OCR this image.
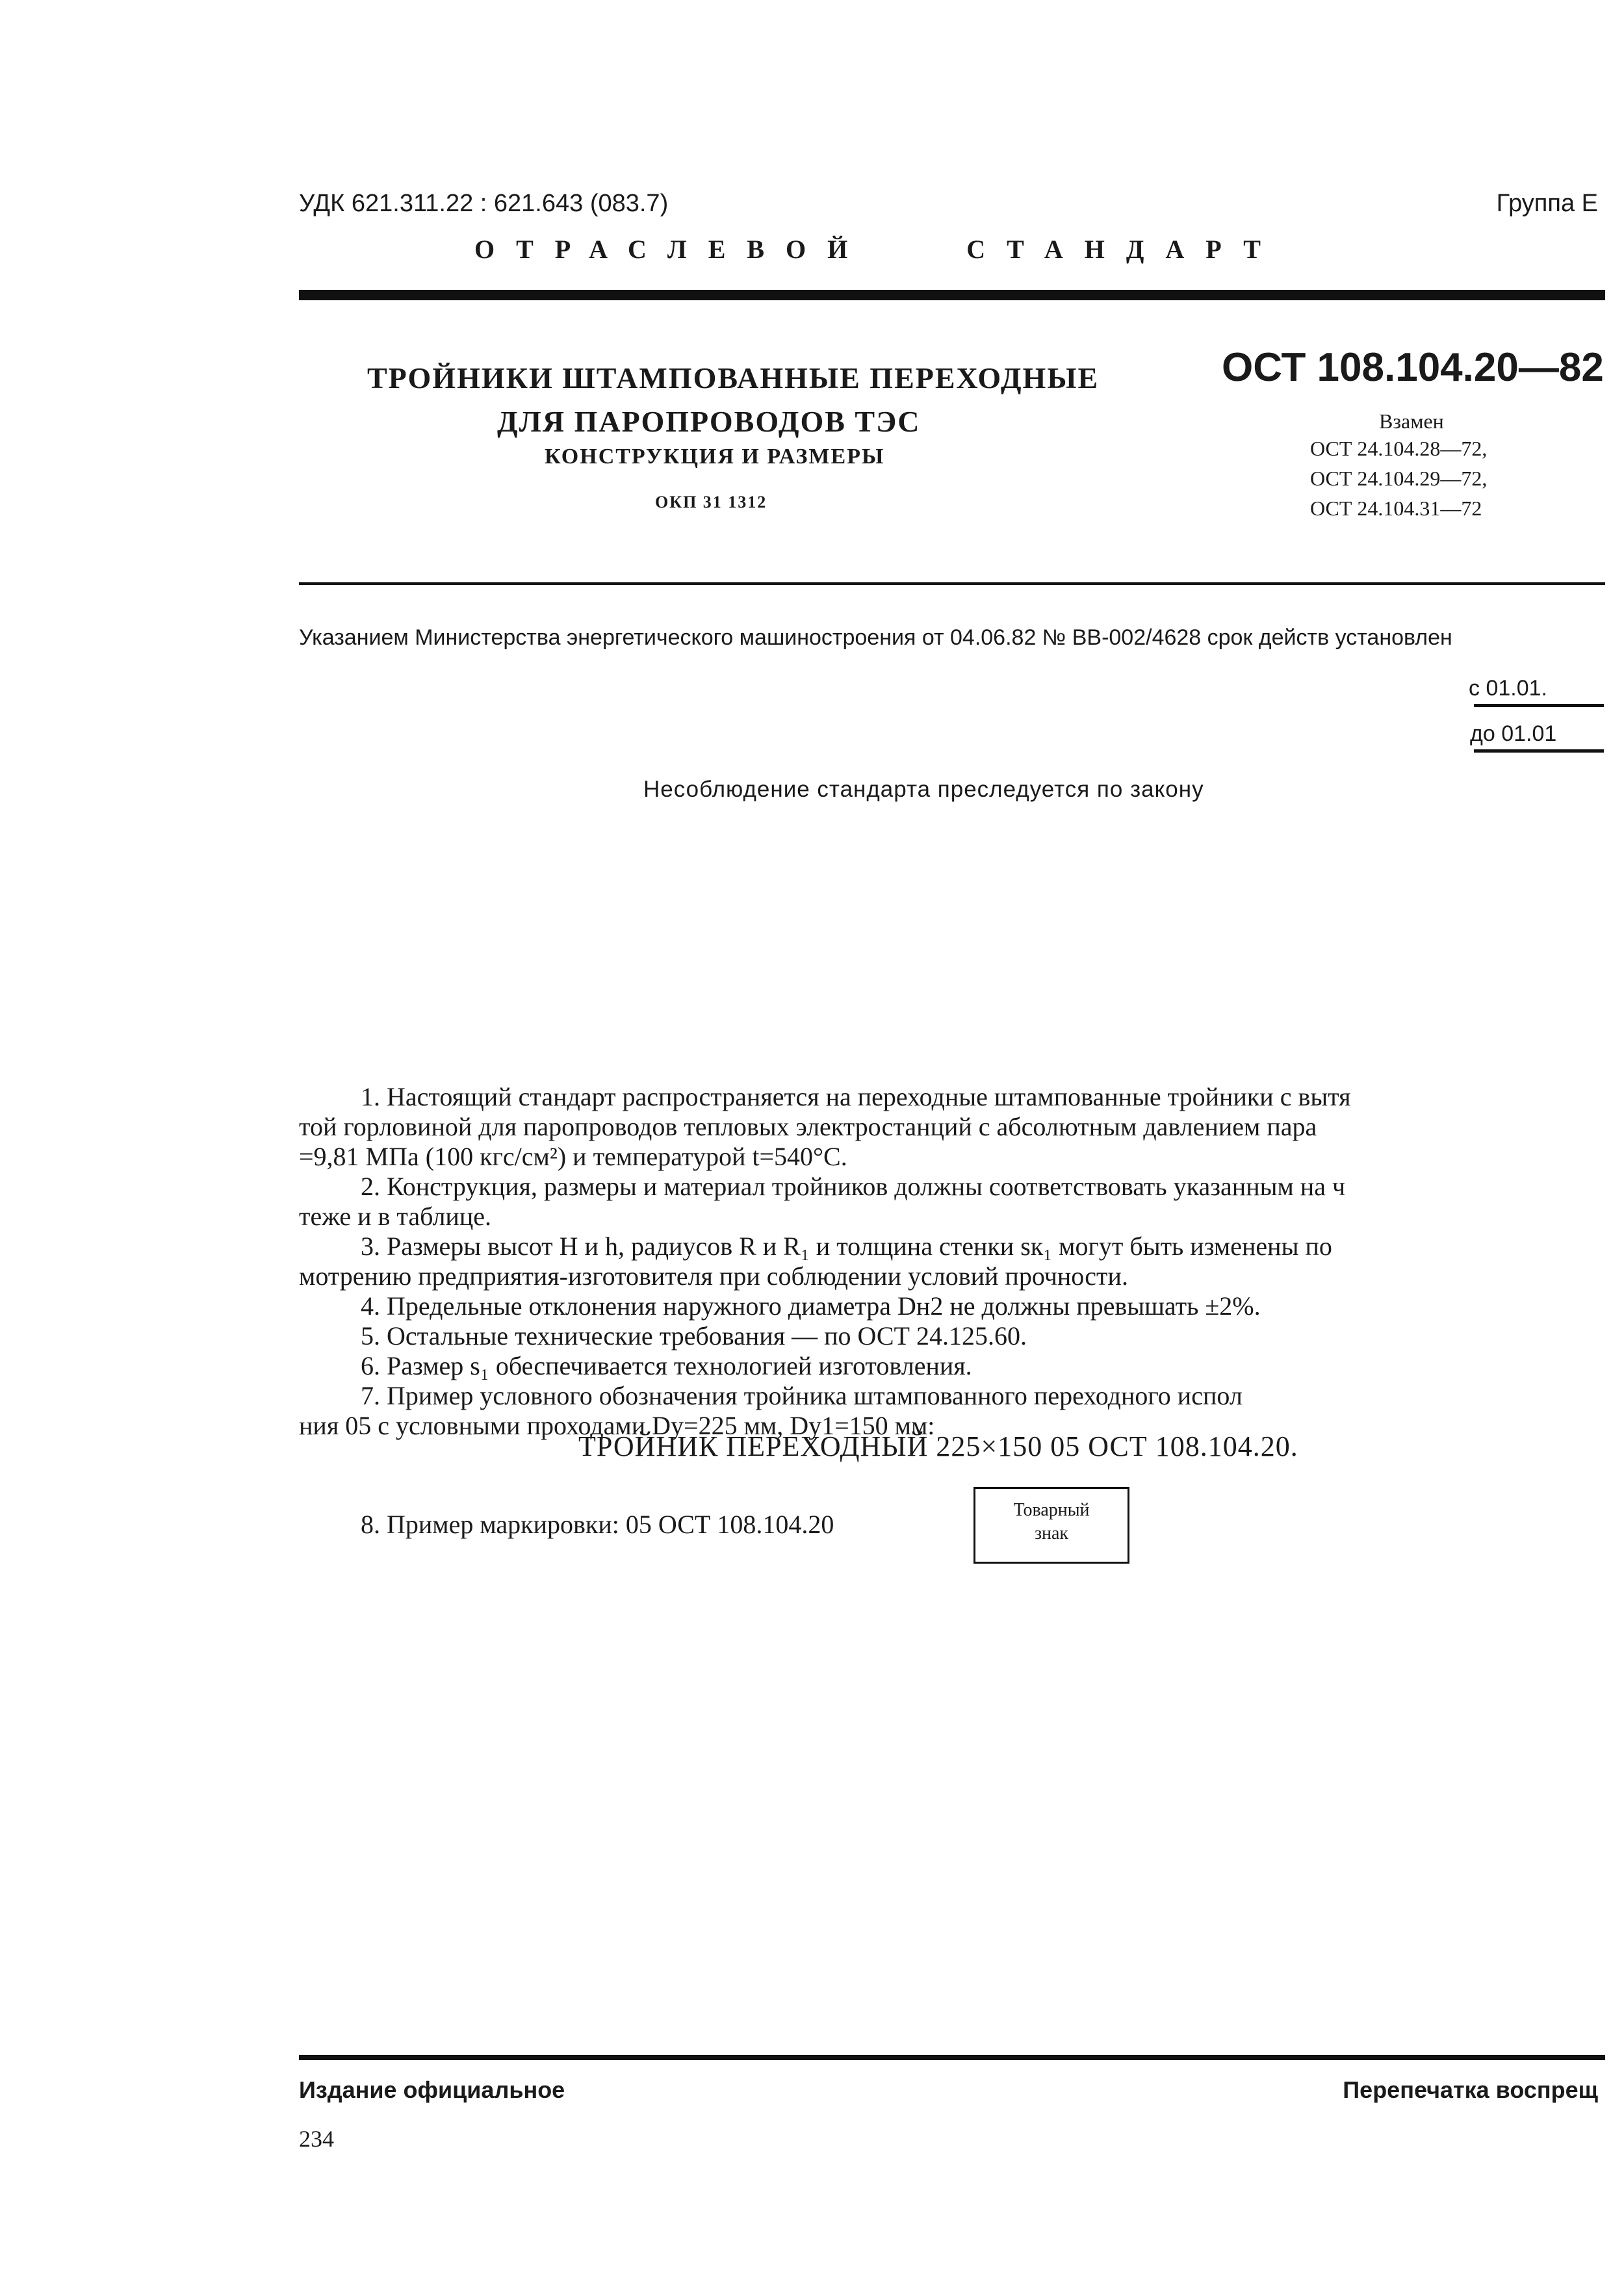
УДК 621.311.22 : 621.643 (083.7)	Группа Е
ОТРАСЛЕВОЙ	СТАНДАРТ
ТРОЙНИКИ ШТАМПОВАННЫЕ ПЕРЕХОДНЫЕ
ДЛЯ ПАРОПРОВОДОВ ТЭС
КОНСТРУКЦИЯ И РАЗМЕРЫ
ОКП 31 1312
ОСТ 108.104.20—82
Взамен
ОСТ 24.104.28—72,
ОСТ 24.104.29—72,
ОСТ 24.104.31—72
Указанием Министерства энергетического машиностроения от 04.06.82 № ВВ-002/4628 срок действ установлен
с 01.01.
до 01.01
Несоблюдение стандарта преследуется по закону
1. Настоящий стандарт распространяется на переходные штампованные тройники с вытя
той горловиной для паропроводов тепловых электростанций с абсолютным давлением пара
=9,81 МПа (100 кгс/см²) и температурой t=540°C.
2. Конструкция, размеры и материал тройников должны соответствовать указанным на ч
теже и в таблице.
3. Размеры высот H и h, радиусов R и R₁ и толщина стенки sк₁ могут быть изменены по
мотрению предприятия-изготовителя при соблюдении условий прочности.
4. Предельные отклонения наружного диаметра Dн2 не должны превышать ±2%.
5. Остальные технические требования — по ОСТ 24.125.60.
6. Размер s₁ обеспечивается технологией изготовления.
7. Пример условного обозначения тройника штампованного переходного испол
ния 05 с условными проходами Dу=225 мм, Dу1=150 мм:
ТРОЙНИК ПЕРЕХОДНЫЙ 225×150 05 ОСТ 108.104.20.
8. Пример маркировки: 05 ОСТ 108.104.20	Товарный
знак
Издание официальное	Перепечатка воспрещ
234
